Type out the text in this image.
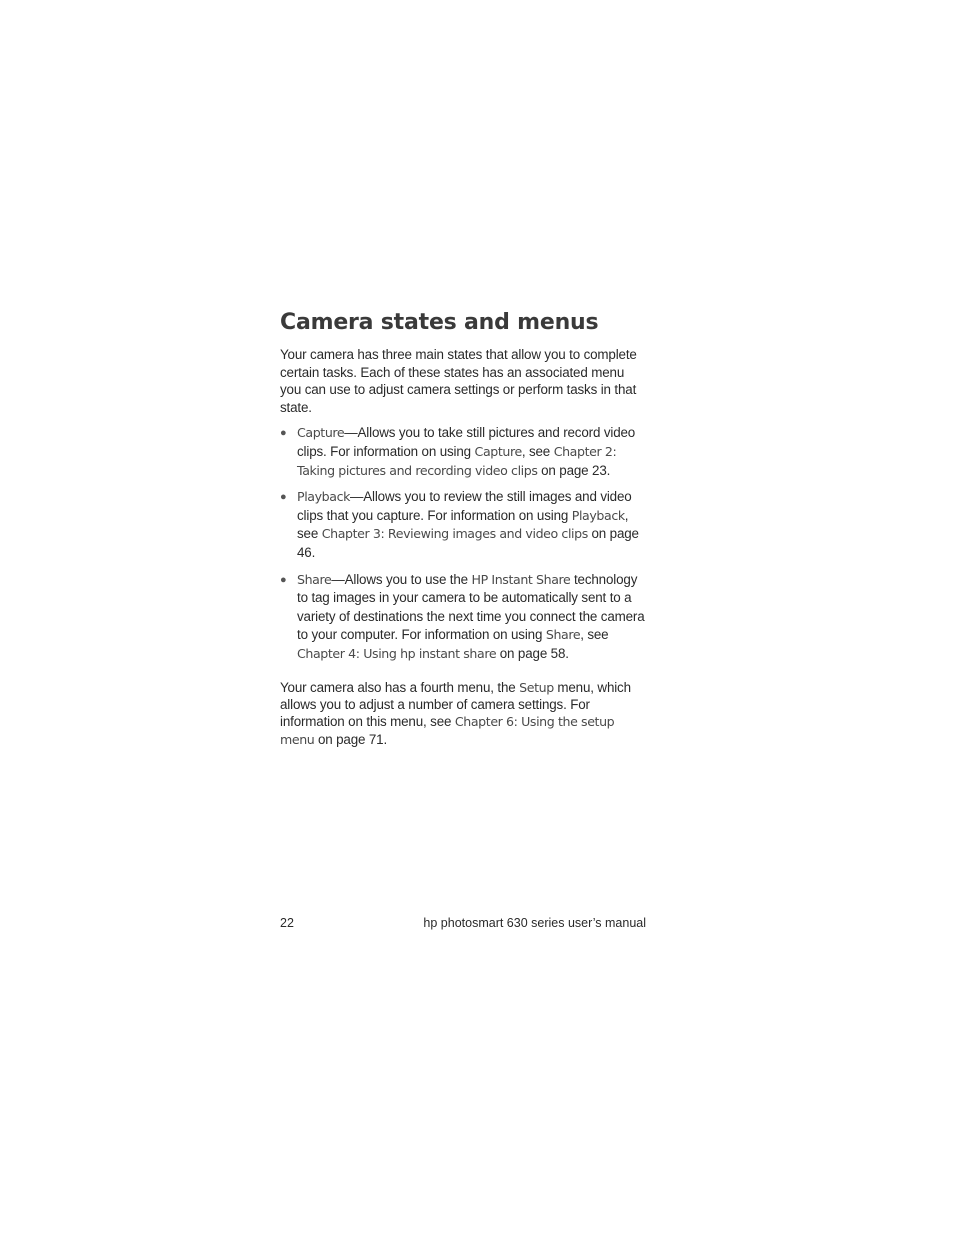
Camera states and menus

Your camera has three main states that allow you to complete certain tasks. Each of these states has an associated menu you can use to adjust camera settings or perform tasks in that state.

● Capture—Allows you to take still pictures and record video clips. For information on using Capture, see Chapter 2: Taking pictures and recording video clips on page 23.
● Playback—Allows you to review the still images and video clips that you capture. For information on using Playback, see Chapter 3: Reviewing images and video clips on page 46.
● Share—Allows you to use the HP Instant Share technology to tag images in your camera to be automatically sent to a variety of destinations the next time you connect the camera to your computer. For information on using Share, see Chapter 4: Using hp instant share on page 58.

Your camera also has a fourth menu, the Setup menu, which allows you to adjust a number of camera settings. For information on this menu, see Chapter 6: Using the setup menu on page 71.

22	hp photosmart 630 series user’s manual
